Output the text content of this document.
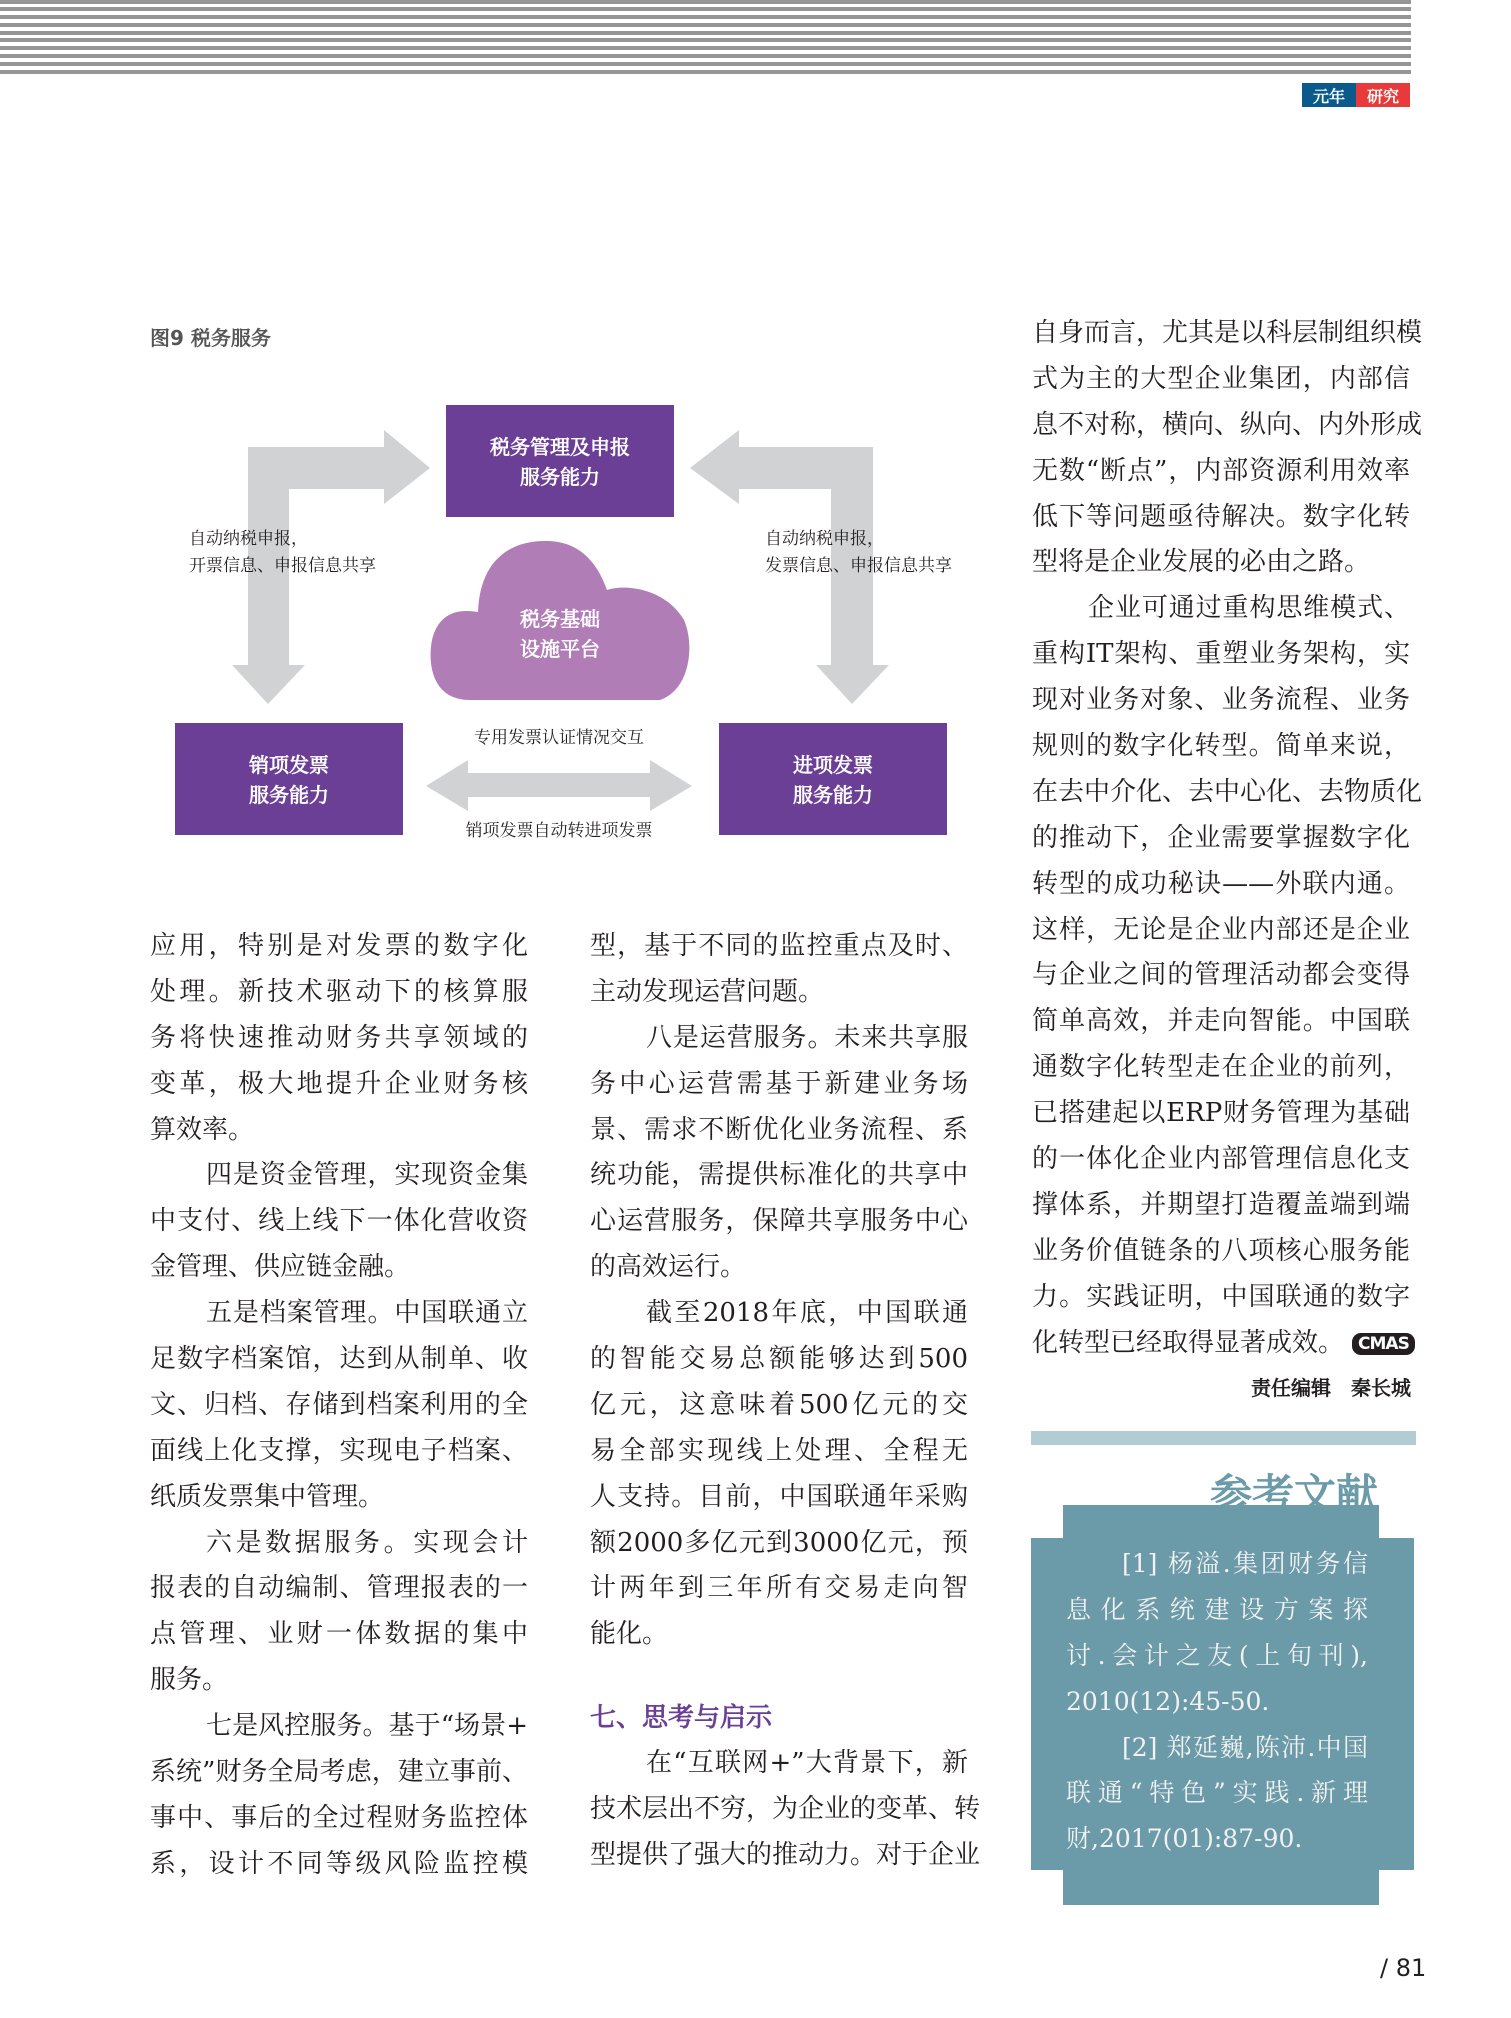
元年	研究
图9 税务服务
税务管理及申报
服务能力
销项发票
服务能力
进项发票
服务能力
税务基础
设施平台
自动纳税申报，
开票信息、申报信息共享
自动纳税申报，
发票信息、申报信息共享
专用发票认证情况交互
销项发票自动转进项发票
应用，特别是对发票的数字化
处理。新技术驱动下的核算服
务将快速推动财务共享领域的
变革，极大地提升企业财务核
算效率。
四是资金管理，实现资金集
中支付、线上线下一体化营收资
金管理、供应链金融。
五是档案管理。中国联通立
足数字档案馆，达到从制单、收
文、归档、存储到档案利用的全
面线上化支撑，实现电子档案、
纸质发票集中管理。
六是数据服务。实现会计
报表的自动编制、管理报表的一
点管理、业财一体数据的集中
服务。
七是风控服务。基于“场景+
系统”财务全局考虑，建立事前、
事中、事后的全过程财务监控体
系，设计不同等级风险监控模
型，基于不同的监控重点及时、
主动发现运营问题。
八是运营服务。未来共享服
务中心运营需基于新建业务场
景、需求不断优化业务流程、系
统功能，需提供标准化的共享中
心运营服务，保障共享服务中心
的高效运行。
截至2018年底，中国联通
的智能交易总额能够达到500
亿元，这意味着500亿元的交
易全部实现线上处理、全程无
人支持。目前，中国联通年采购
额2000多亿元到3000亿元，预
计两年到三年所有交易走向智
能化。
七、思考与启示
在“互联网+”大背景下，新
技术层出不穷，为企业的变革、转
型提供了强大的推动力。对于企业
自身而言，尤其是以科层制组织模
式为主的大型企业集团，内部信
息不对称，横向、纵向、内外形成
无数“断点”，内部资源利用效率
低下等问题亟待解决。数字化转
型将是企业发展的必由之路。
企业可通过重构思维模式、
重构IT架构、重塑业务架构，实
现对业务对象、业务流程、业务
规则的数字化转型。简单来说，
在去中介化、去中心化、去物质化
的推动下，企业需要掌握数字化
转型的成功秘诀——外联内通。
这样，无论是企业内部还是企业
与企业之间的管理活动都会变得
简单高效，并走向智能。中国联
通数字化转型走在企业的前列，
已搭建起以ERP财务管理为基础
的一体化企业内部管理信息化支
撑体系，并期望打造覆盖端到端
业务价值链条的八项核心服务能
力。实践证明，中国联通的数字
化转型已经取得显著成效。 CMAS
责任编辑　秦长城
参考文献
[1] 杨溢.集团财务信
息化系统建设方案探
讨.会计之友(上旬刊),
2010(12):45-50.
[2] 郑延巍,陈沛.中国
联通“特色”实践.新理
财,2017(01):87-90.
/ 81
